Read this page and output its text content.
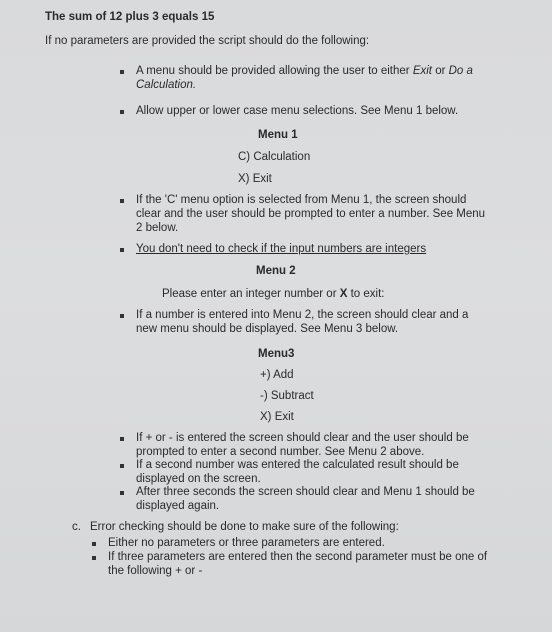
The sum of 12 plus 3 equals 15
If no parameters are provided the script should do the following:
A menu should be provided allowing the user to either Exit or Do a
Calculation.
Allow upper or lower case menu selections. See Menu 1 below.
Menu 1
C) Calculation
X) Exit
If the 'C' menu option is selected from Menu 1, the screen should
clear and the user should be prompted to enter a number. See Menu
2 below.
You don't need to check if the input numbers are integers
Menu 2
Please enter an integer number or X to exit:
If a number is entered into Menu 2, the screen should clear and a
new menu should be displayed. See Menu 3 below.
Menu3
+) Add
-) Subtract
X) Exit
If + or - is entered the screen should clear and the user should be
prompted to enter a second number. See Menu 2 above.
If a second number was entered the calculated result should be
displayed on the screen.
After three seconds the screen should clear and Menu 1 should be
displayed again.
c. Error checking should be done to make sure of the following:
Either no parameters or three parameters are entered.
If three parameters are entered then the second parameter must be one of
the following + or -
